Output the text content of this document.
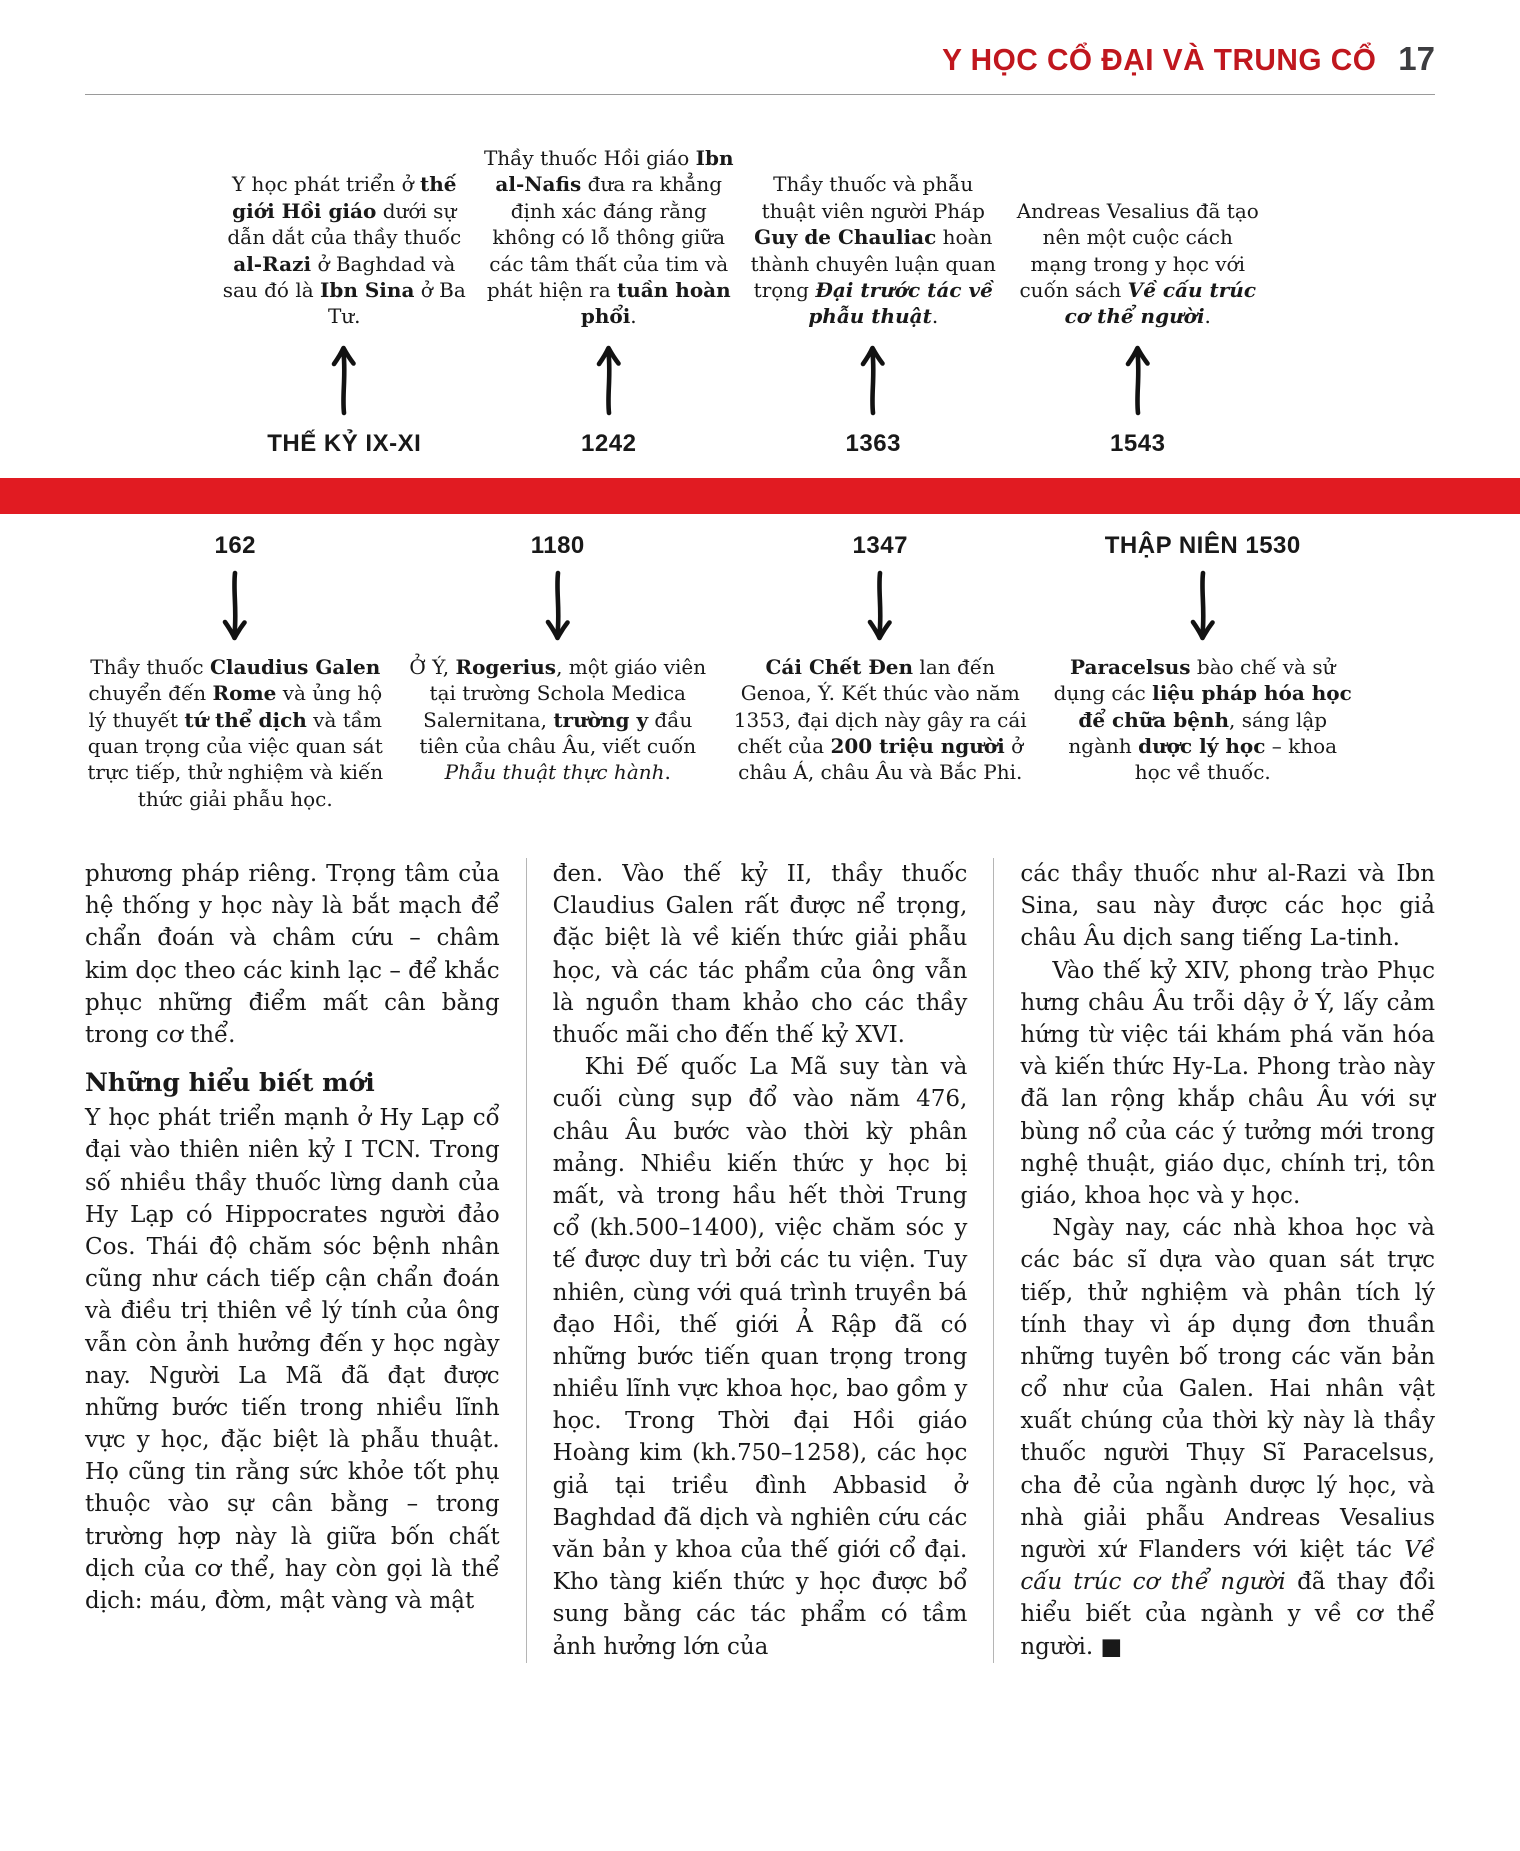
Y HỌC CỔ ĐẠI VÀ TRUNG CỔ 17
Y học phát triển ở thế giới Hồi giáo dưới sự dẫn dắt của thầy thuốc al-Razi ở Baghdad và sau đó là Ibn Sina ở Ba Tư.
THẾ KỶ IX-XI
Thầy thuốc Hồi giáo Ibn al-Nafis đưa ra khẳng định xác đáng rằng không có lỗ thông giữa các tâm thất của tim và phát hiện ra tuần hoàn phổi.
1242
Thầy thuốc và phẫu thuật viên người Pháp Guy de Chauliac hoàn thành chuyên luận quan trọng Đại trước tác về phẫu thuật.
1363
Andreas Vesalius đã tạo nên một cuộc cách mạng trong y học với cuốn sách Về cấu trúc cơ thể người.
1543
162
Thầy thuốc Claudius Galen chuyển đến Rome và ủng hộ lý thuyết tứ thể dịch và tầm quan trọng của việc quan sát trực tiếp, thử nghiệm và kiến thức giải phẫu học.
1180
Ở Ý, Rogerius, một giáo viên tại trường Schola Medica Salernitana, trường y đầu tiên của châu Âu, viết cuốn Phẫu thuật thực hành.
1347
Cái Chết Đen lan đến Genoa, Ý. Kết thúc vào năm 1353, đại dịch này gây ra cái chết của 200 triệu người ở châu Á, châu Âu và Bắc Phi.
THẬP NIÊN 1530
Paracelsus bào chế và sử dụng các liệu pháp hóa học để chữa bệnh, sáng lập ngành dược lý học – khoa học về thuốc.

phương pháp riêng. Trọng tâm của hệ thống y học này là bắt mạch để chẩn đoán và châm cứu – châm kim dọc theo các kinh lạc – để khắc phục những điểm mất cân bằng trong cơ thể.

Những hiểu biết mới

Y học phát triển mạnh ở Hy Lạp cổ đại vào thiên niên kỷ I TCN. Trong số nhiều thầy thuốc lừng danh của Hy Lạp có Hippocrates người đảo Cos. Thái độ chăm sóc bệnh nhân cũng như cách tiếp cận chẩn đoán và điều trị thiên về lý tính của ông vẫn còn ảnh hưởng đến y học ngày nay. Người La Mã đã đạt được những bước tiến trong nhiều lĩnh vực y học, đặc biệt là phẫu thuật. Họ cũng tin rằng sức khỏe tốt phụ thuộc vào sự cân bằng – trong trường hợp này là giữa bốn chất dịch của cơ thể, hay còn gọi là thể dịch: máu, đờm, mật vàng và mật

đen. Vào thế kỷ II, thầy thuốc Claudius Galen rất được nể trọng, đặc biệt là về kiến thức giải phẫu học, và các tác phẩm của ông vẫn là nguồn tham khảo cho các thầy thuốc mãi cho đến thế kỷ XVI.

Khi Đế quốc La Mã suy tàn và cuối cùng sụp đổ vào năm 476, châu Âu bước vào thời kỳ phân mảng. Nhiều kiến thức y học bị mất, và trong hầu hết thời Trung cổ (kh.500–1400), việc chăm sóc y tế được duy trì bởi các tu viện. Tuy nhiên, cùng với quá trình truyền bá đạo Hồi, thế giới Ả Rập đã có những bước tiến quan trọng trong nhiều lĩnh vực khoa học, bao gồm y học. Trong Thời đại Hồi giáo Hoàng kim (kh.750–1258), các học giả tại triều đình Abbasid ở Baghdad đã dịch và nghiên cứu các văn bản y khoa của thế giới cổ đại. Kho tàng kiến thức y học được bổ sung bằng các tác phẩm có tầm ảnh hưởng lớn của

các thầy thuốc như al-Razi và Ibn Sina, sau này được các học giả châu Âu dịch sang tiếng La-tinh.

Vào thế kỷ XIV, phong trào Phục hưng châu Âu trỗi dậy ở Ý, lấy cảm hứng từ việc tái khám phá văn hóa và kiến thức Hy-La. Phong trào này đã lan rộng khắp châu Âu với sự bùng nổ của các ý tưởng mới trong nghệ thuật, giáo dục, chính trị, tôn giáo, khoa học và y học.

Ngày nay, các nhà khoa học và các bác sĩ dựa vào quan sát trực tiếp, thử nghiệm và phân tích lý tính thay vì áp dụng đơn thuần những tuyên bố trong các văn bản cổ như của Galen. Hai nhân vật xuất chúng của thời kỳ này là thầy thuốc người Thụy Sĩ Paracelsus, cha đẻ của ngành dược lý học, và nhà giải phẫu Andreas Vesalius người xứ Flanders với kiệt tác Về cấu trúc cơ thể người đã thay đổi hiểu biết của ngành y về cơ thể người. ■
